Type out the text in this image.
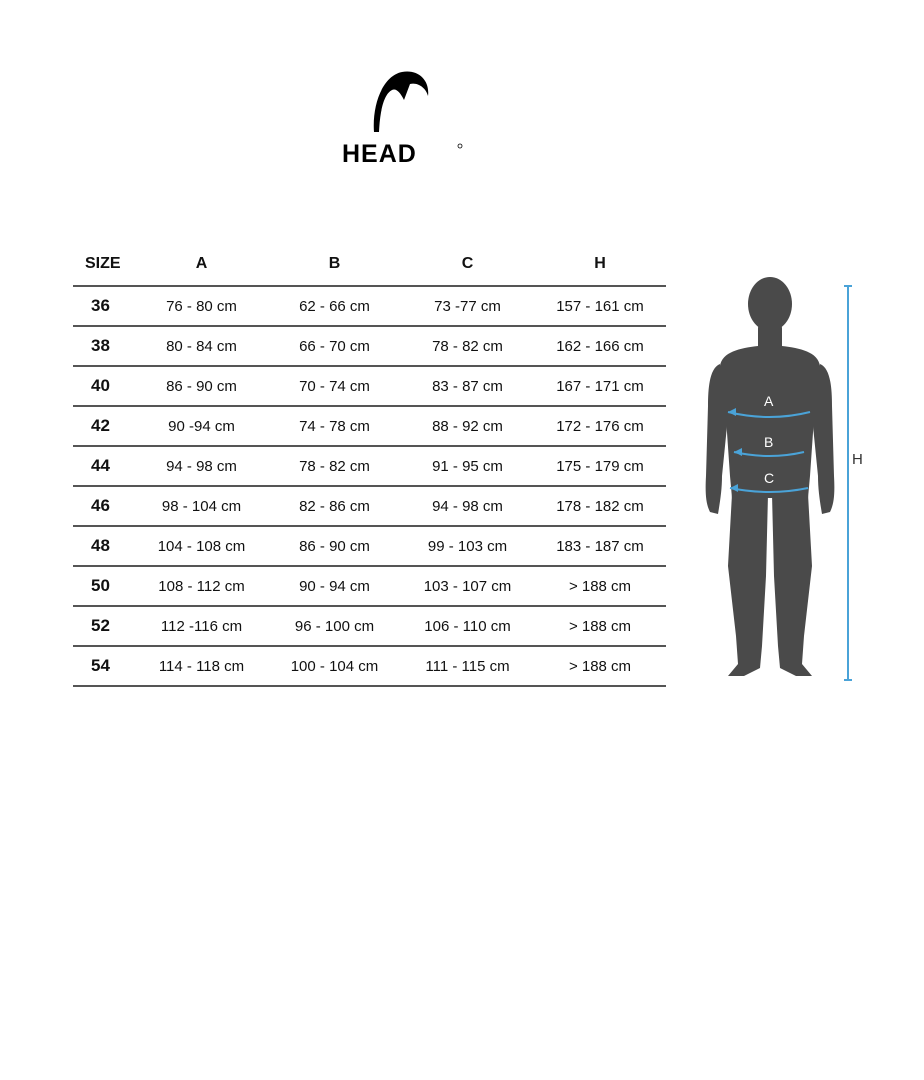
HEAD
SIZE	A	B	C	H
36	76 - 80 cm	62 - 66 cm	73 -77 cm	157 - 161 cm
38	80 - 84 cm	66 - 70 cm	78 - 82 cm	162 - 166 cm
40	86 - 90 cm	70 - 74 cm	83 - 87 cm	167 - 171 cm
42	90 -94 cm	74 - 78 cm	88 - 92 cm	172 - 176 cm
44	94 - 98 cm	78 - 82 cm	91 - 95 cm	175 - 179 cm
46	98 - 104 cm	82 - 86 cm	94 - 98 cm	178 - 182 cm
48	104 - 108 cm	86 - 90 cm	99 - 103 cm	183 - 187 cm
50	108 - 112 cm	90 - 94 cm	103 - 107 cm	> 188 cm
52	112 -116 cm	96 - 100 cm	106 - 110 cm	> 188 cm
54	114 - 118 cm	100 - 104 cm	111 - 115 cm	> 188 cm
A
B
C
H
